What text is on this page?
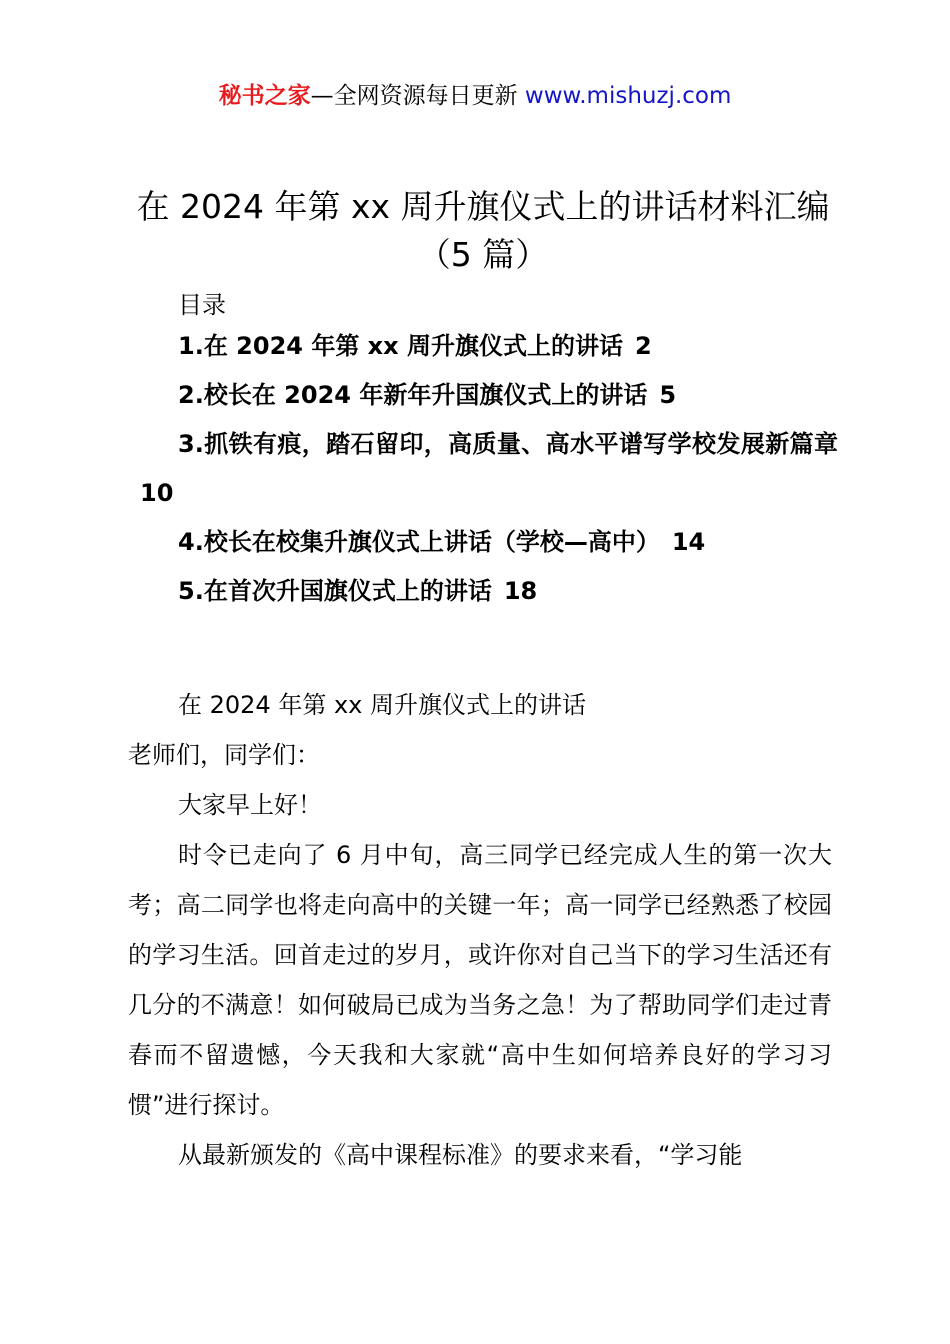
秘书之家—全网资源每日更新 www.mishuzj.com
在 2024 年第 xx 周升旗仪式上的讲话材料汇编（5 篇）

目录

1.在 2024 年第 xx 周升旗仪式上的讲话 2

2.校长在 2024 年新年升国旗仪式上的讲话 5

3.抓铁有痕，踏石留印，高质量、高水平谱写学校发展新篇章10

4.校长在校集升旗仪式上讲话（学校—高中） 14

5.在首次升国旗仪式上的讲话 18

在 2024 年第 xx 周升旗仪式上的讲话

老师们，同学们：

大家早上好！

时令已走向了 6 月中旬，高三同学已经完成人生的第一次大考；高二同学也将走向高中的关键一年；高一同学已经熟悉了校园的学习生活。回首走过的岁月，或许你对自己当下的学习生活还有几分的不满意！如何破局已成为当务之急！为了帮助同学们走过青春而不留遗憾，今天我和大家就“高中生如何培养良好的学习习惯”进行探讨。

从最新颁发的《高中课程标准》的要求来看，“学习能
